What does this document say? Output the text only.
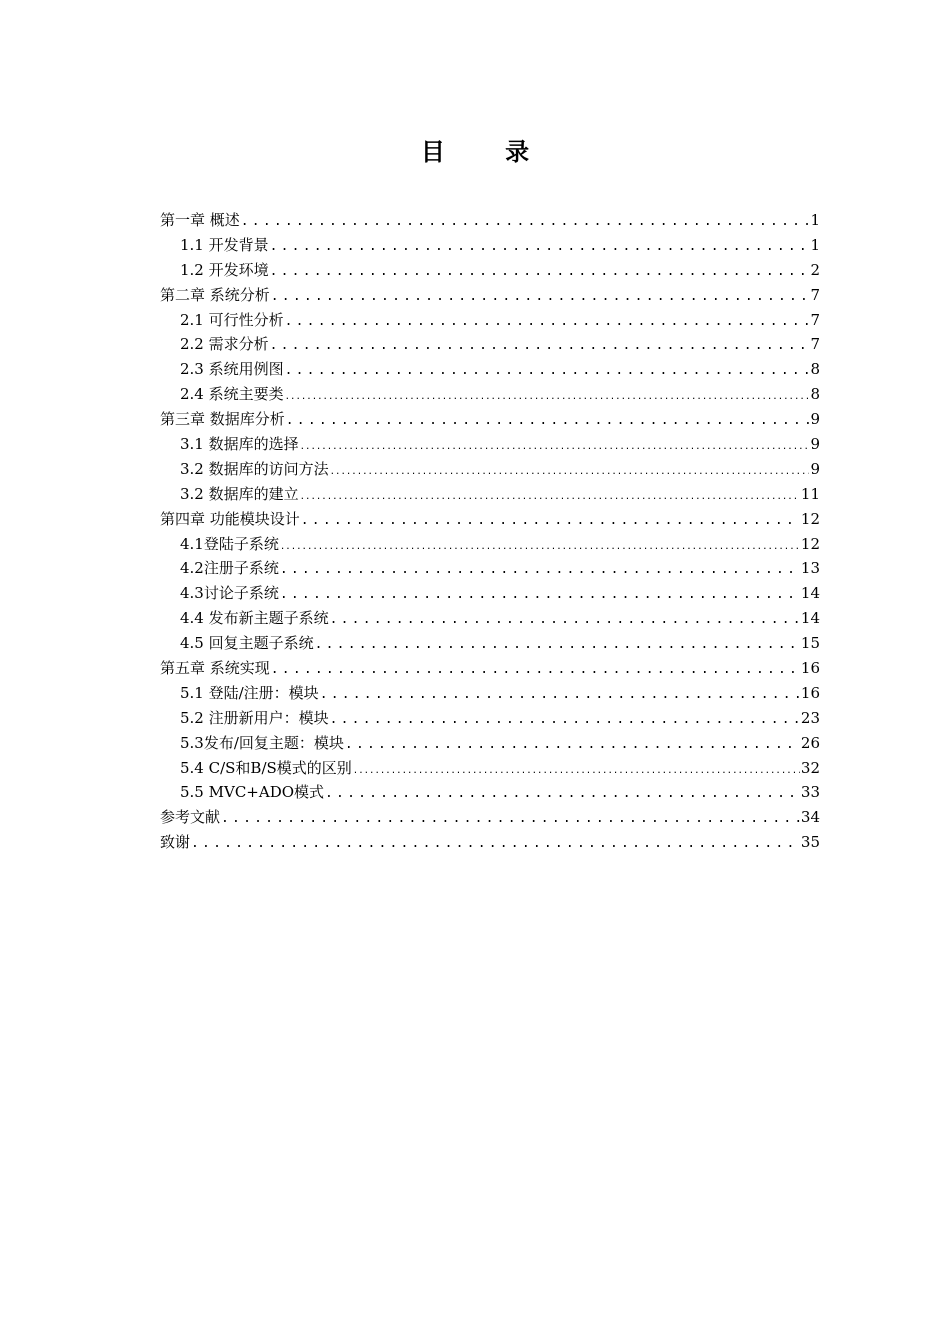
目 录
第一章 概述 .....	1
1.1 开发背景 .....	1
1.2 开发环境 .....	2
第二章 系统分析 .....	7
2.1 可行性分析 .....	7
2.2 需求分析 .....	7
2.3 系统用例图 .....	8
2.4 系统主要类 .....	8
第三章 数据库分析 .....	9
3.1 数据库的选择 .....	9
3.2 数据库的访问方法 .....	9
3.2 数据库的建立 .....	11
第四章 功能模块设计 .....	12
4.1登陆子系统 .....	12
4.2注册子系统 .....	13
4.3讨论子系统 .....	14
4.4 发布新主题子系统 .....	14
4.5 回复主题子系统 .....	15
第五章 系统实现 .....	16
5.1 登陆/注册：模块 .....	16
5.2 注册新用户：模块 .....	23
5.3发布/回复主题：模块 .....	26
5.4 C/S和B/S模式的区别 .....	32
5.5 MVC+ADO模式 .....	33
参考文献 .....	34
致谢 .....	35
